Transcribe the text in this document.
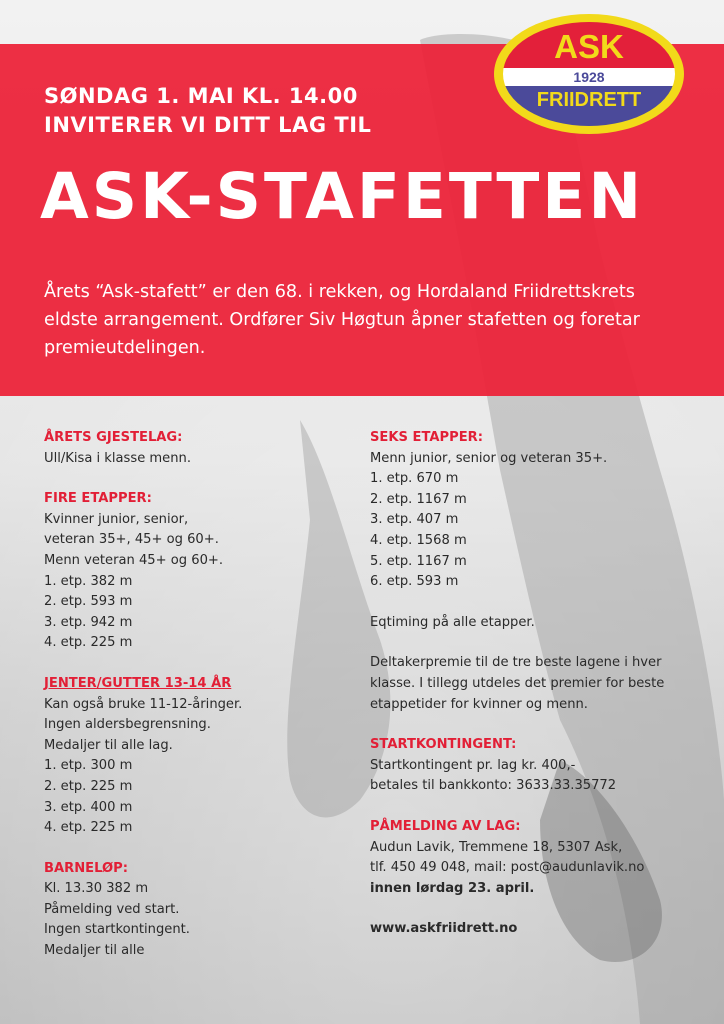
SØNDAG 1. MAI KL. 14.00
INVITERER VI DITT LAG TIL
ASK-STAFETTEN

Årets “Ask-stafett” er den 68. i rekken, og Hordaland Friidrettskrets eldste arrangement. Ordfører Siv Høgtun åpner stafetten og foretar premieutdelingen.

ASK
1928
FRIIDRETT
ÅRETS GJESTELAG:
Ull/Kisa i klasse menn.
FIRE ETAPPER:
Kvinner junior, senior,
veteran 35+, 45+ og 60+.
Menn veteran 45+ og 60+.
1. etp. 382 m
2. etp. 593 m
3. etp. 942 m
4. etp. 225 m
JENTER/GUTTER 13-14 ÅR
Kan også bruke 11-12-åringer.
Ingen aldersbegrensning.
Medaljer til alle lag.
1. etp. 300 m
2. etp. 225 m
3. etp. 400 m
4. etp. 225 m
BARNELØP:
Kl. 13.30 382 m
Påmelding ved start.
Ingen startkontingent.
Medaljer til alle
SEKS ETAPPER:
Menn junior, senior og veteran 35+.
1. etp. 670 m
2. etp. 1167 m
3. etp. 407 m
4. etp. 1568 m
5. etp. 1167 m
6. etp. 593 m
Eqtiming på alle etapper.
Deltakerpremie til de tre beste lagene i hver
klasse. I tillegg utdeles det premier for beste
etappetider for kvinner og menn.
STARTKONTINGENT:
Startkontingent pr. lag kr. 400,-
betales til bankkonto: 3633.33.35772
PÅMELDING AV LAG:
Audun Lavik, Tremmene 18, 5307 Ask,
tlf. 450 49 048, mail: post@audunlavik.no
innen lørdag 23. april.
www.askfriidrett.no
